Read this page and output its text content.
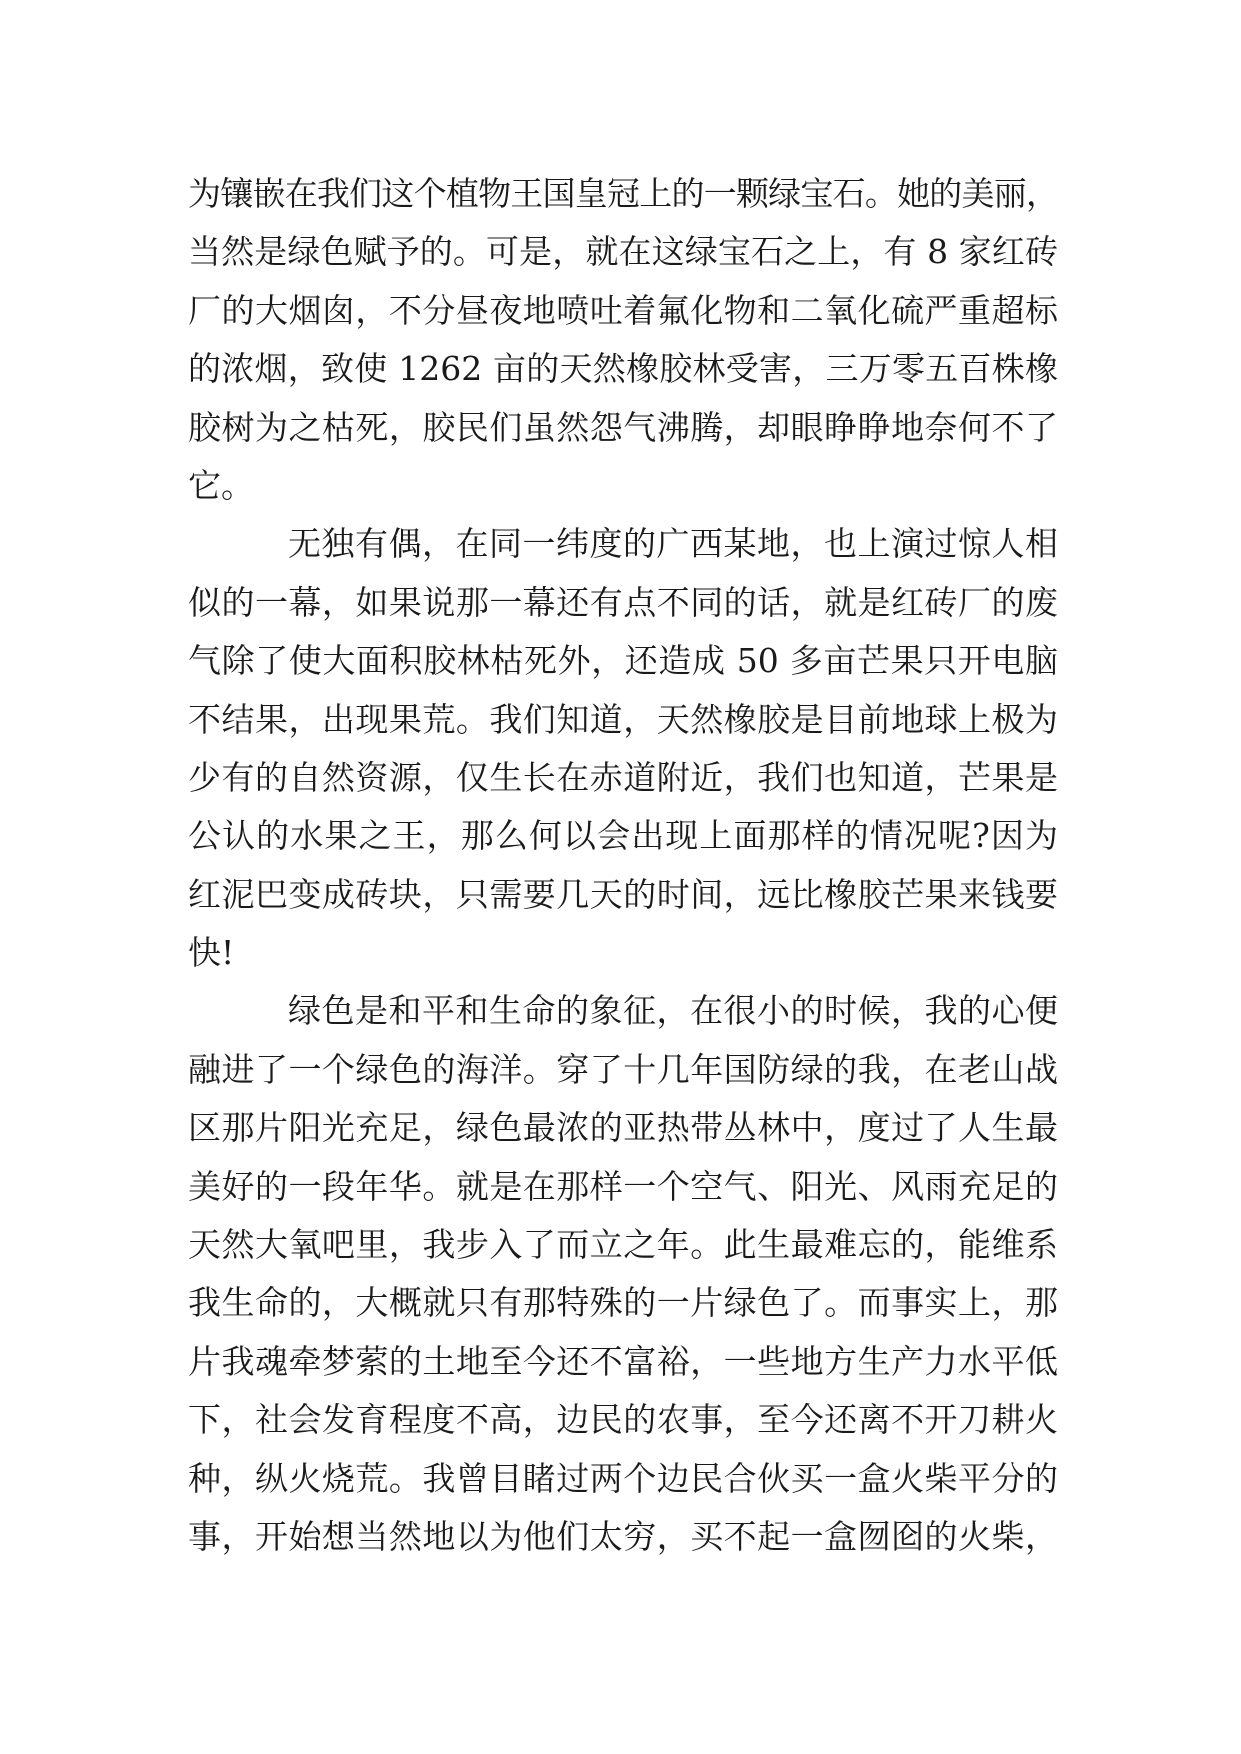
为镶嵌在我们这个植物王国皇冠上的一颗绿宝石。她的美丽，
当然是绿色赋予的。可是，就在这绿宝石之上，有 8 家红砖
厂的大烟囱，不分昼夜地喷吐着氟化物和二氧化硫严重超标
的浓烟，致使 1262 亩的天然橡胶林受害，三万零五百株橡
胶树为之枯死，胶民们虽然怨气沸腾，却眼睁睁地奈何不了
它。
无独有偶，在同一纬度的广西某地，也上演过惊人相
似的一幕，如果说那一幕还有点不同的话，就是红砖厂的废
气除了使大面积胶林枯死外，还造成 50 多亩芒果只开电脑
不结果，出现果荒。我们知道，天然橡胶是目前地球上极为
少有的自然资源，仅生长在赤道附近，我们也知道，芒果是
公认的水果之王，那么何以会出现上面那样的情况呢?因为
红泥巴变成砖块，只需要几天的时间，远比橡胶芒果来钱要
快!
绿色是和平和生命的象征，在很小的时候，我的心便
融进了一个绿色的海洋。穿了十几年国防绿的我，在老山战
区那片阳光充足，绿色最浓的亚热带丛林中，度过了人生最
美好的一段年华。就是在那样一个空气、阳光、风雨充足的
天然大氧吧里，我步入了而立之年。此生最难忘的，能维系
我生命的，大概就只有那特殊的一片绿色了。而事实上，那
片我魂牵梦萦的土地至今还不富裕，一些地方生产力水平低
下，社会发育程度不高，边民的农事，至今还离不开刀耕火
种，纵火烧荒。我曾目睹过两个边民合伙买一盒火柴平分的
事，开始想当然地以为他们太穷，买不起一盒囫囵的火柴，
